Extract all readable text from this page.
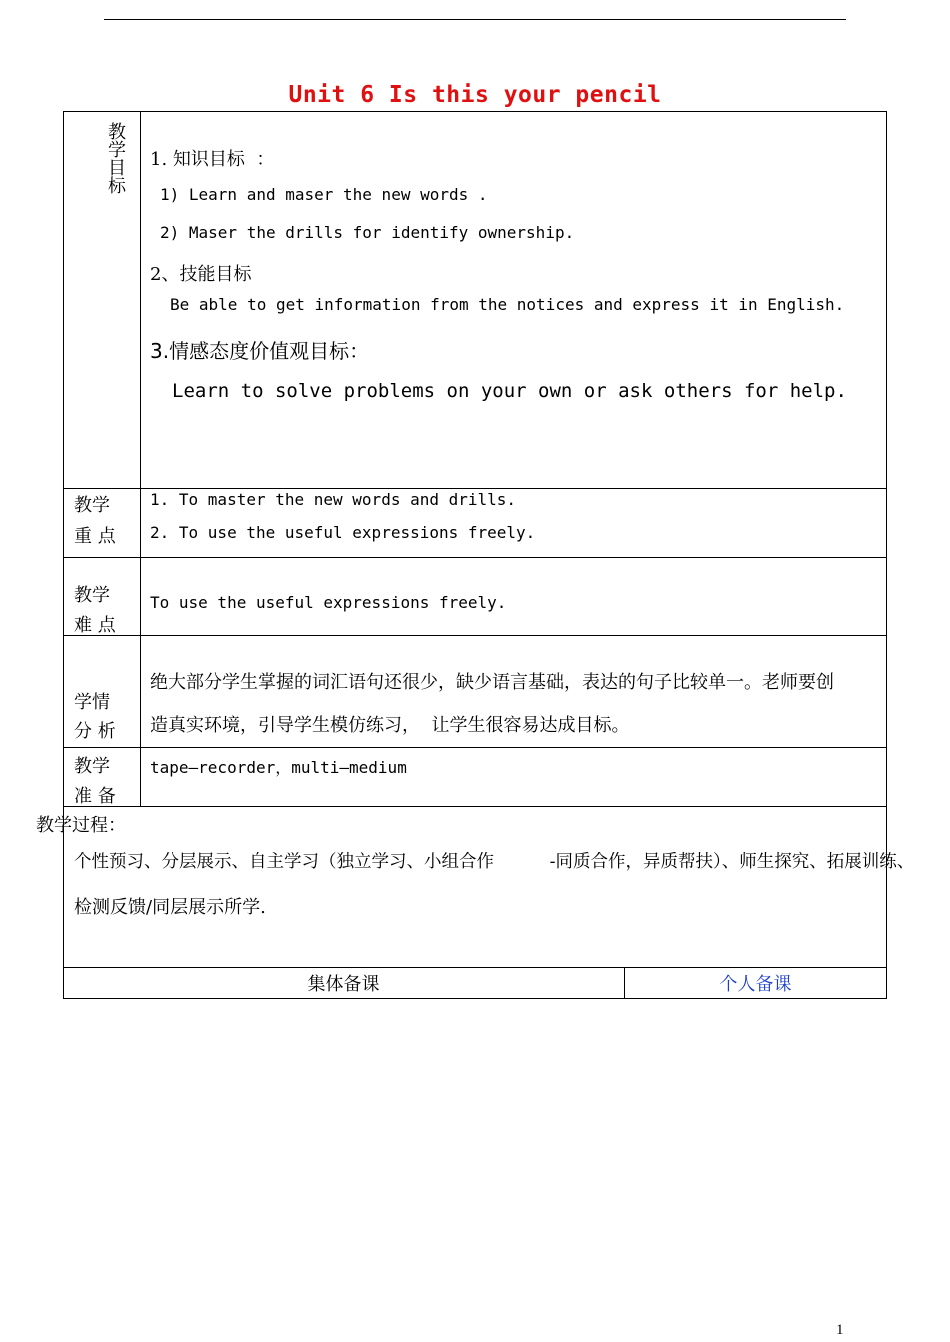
Unit 6 Is this your pencil
教学目标 1. 知识目标  ：
1) Learn and maser the new words .
2) Maser the drills for identify ownership.
2、技能目标
Be able to get information from the notices and express it in English.
3.情感态度价值观目标：
Learn to solve problems on your own or ask others for help.
教学
重 点
1. To master the new words and drills.
2. To use the useful expressions freely.
教学
难 点
To use the useful expressions freely.
学情
分 析
绝大部分学生掌握的词汇语句还很少，缺少语言基础，表达的句子比较单一。老师要创
造真实环境，引导学生模仿练习，  让学生很容易达成目标。
教学
准 备
tape—recorder，multi—medium
教学过程：
个性预习、分层展示、自主学习（独立学习、小组合作          -同质合作，异质帮扶）、师生探究、拓展训练、
检测反馈/同层展示所学.
集体备课	个人备课
1
